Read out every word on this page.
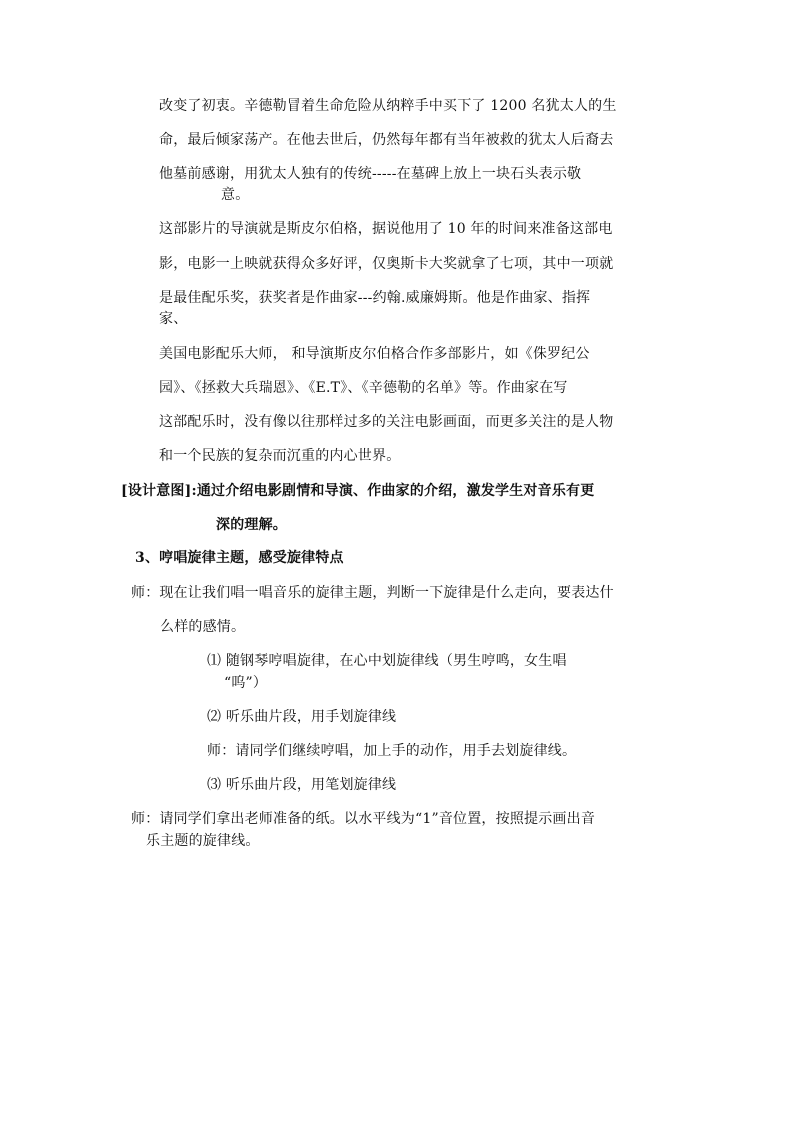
改变了初衷。辛德勒冒着生命危险从纳粹手中买下了 1200 名犹太人的生
命，最后倾家荡产。在他去世后，仍然每年都有当年被救的犹太人后裔去
他墓前感谢，用犹太人独有的传统-----在墓碑上放上一块石头表示敬
意。
这部影片的导演就是斯皮尔伯格，据说他用了 10 年的时间来准备这部电
影，电影一上映就获得众多好评，仅奥斯卡大奖就拿了七项，其中一项就
是最佳配乐奖，获奖者是作曲家---约翰.威廉姆斯。他是作曲家、指挥
家、
美国电影配乐大师， 和导演斯皮尔伯格合作多部影片，如《侏罗纪公
园》、《拯救大兵瑞恩》、《E.T》、《辛德勒的名单》等。作曲家在写
这部配乐时，没有像以往那样过多的关注电影画面，而更多关注的是人物
和一个民族的复杂而沉重的内心世界。
[设计意图]:通过介绍电影剧情和导演、作曲家的介绍，激发学生对音乐有更
深的理解。
3、哼唱旋律主题，感受旋律特点
师：现在让我们唱一唱音乐的旋律主题，判断一下旋律是什么走向，要表达什
么样的感情。
⑴ 随钢琴哼唱旋律，在心中划旋律线（男生哼鸣，女生唱
“呜”）
⑵ 听乐曲片段，用手划旋律线
师：请同学们继续哼唱，加上手的动作，用手去划旋律线。
⑶ 听乐曲片段，用笔划旋律线
师：请同学们拿出老师准备的纸。以水平线为“1”音位置，按照提示画出音
乐主题的旋律线。
